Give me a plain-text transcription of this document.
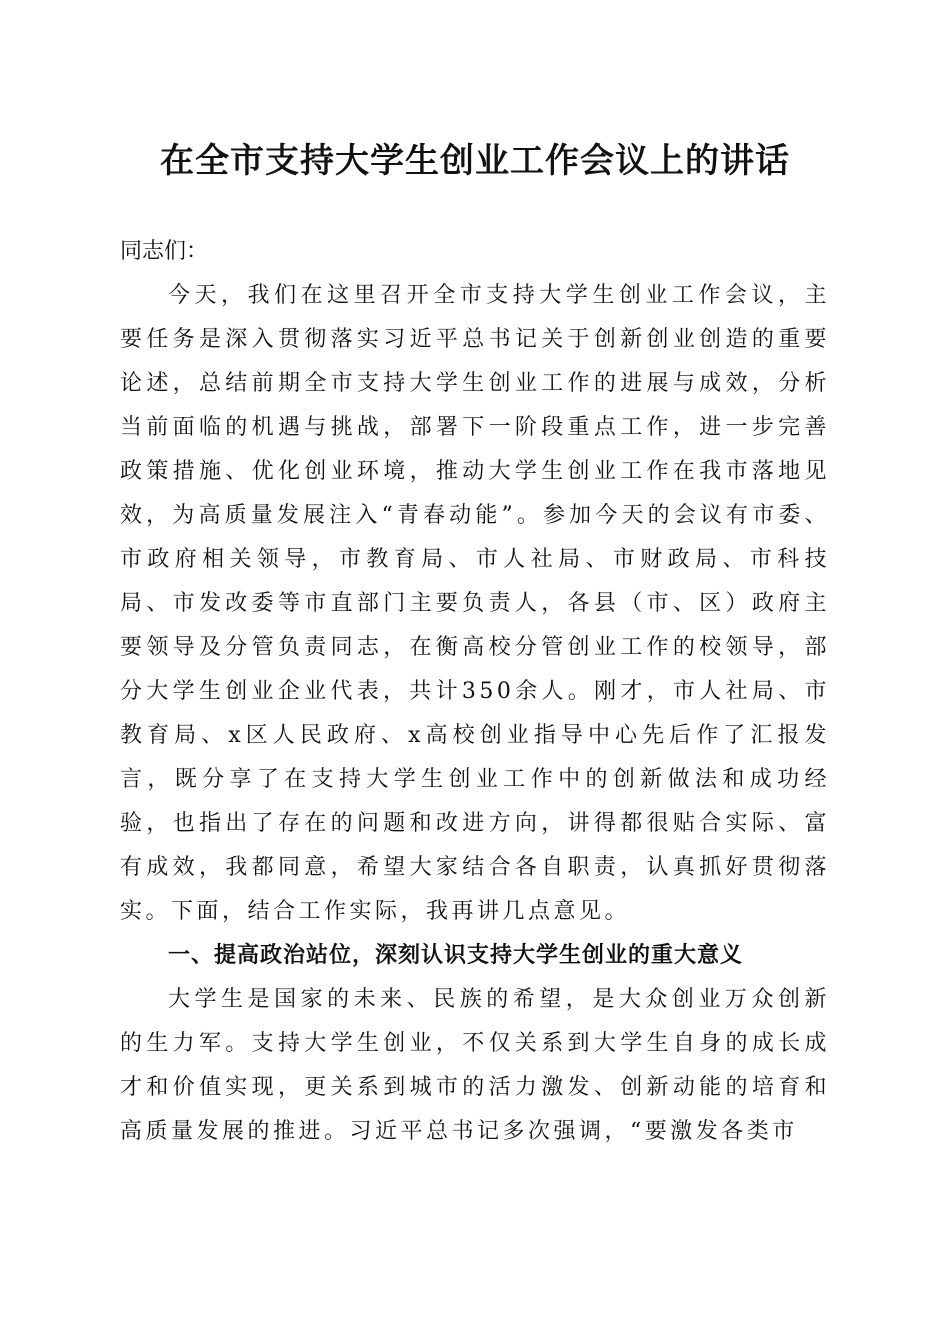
在全市支持大学生创业工作会议上的讲话

同志们：

今天，我们在这里召开全市支持大学生创业工作会议，主要任务是深入贯彻落实习近平总书记关于创新创业创造的重要论述，总结前期全市支持大学生创业工作的进展与成效，分析当前面临的机遇与挑战，部署下一阶段重点工作，进一步完善政策措施、优化创业环境，推动大学生创业工作在我市落地见效，为高质量发展注入“青春动能”。参加今天的会议有市委、市政府相关领导，市教育局、市人社局、市财政局、市科技局、市发改委等市直部门主要负责人，各县（市、区）政府主要领导及分管负责同志，在衡高校分管创业工作的校领导，部分大学生创业企业代表，共计350余人。刚才，市人社局、市教育局、x区人民政府、x高校创业指导中心先后作了汇报发言，既分享了在支持大学生创业工作中的创新做法和成功经验，也指出了存在的问题和改进方向，讲得都很贴合实际、富有成效，我都同意，希望大家结合各自职责，认真抓好贯彻落实。下面，结合工作实际，我再讲几点意见。

一、提高政治站位，深刻认识支持大学生创业的重大意义

大学生是国家的未来、民族的希望，是大众创业万众创新的生力军。支持大学生创业，不仅关系到大学生自身的成长成才和价值实现，更关系到城市的活力激发、创新动能的培育和高质量发展的推进。习近平总书记多次强调，“要激发各类市
